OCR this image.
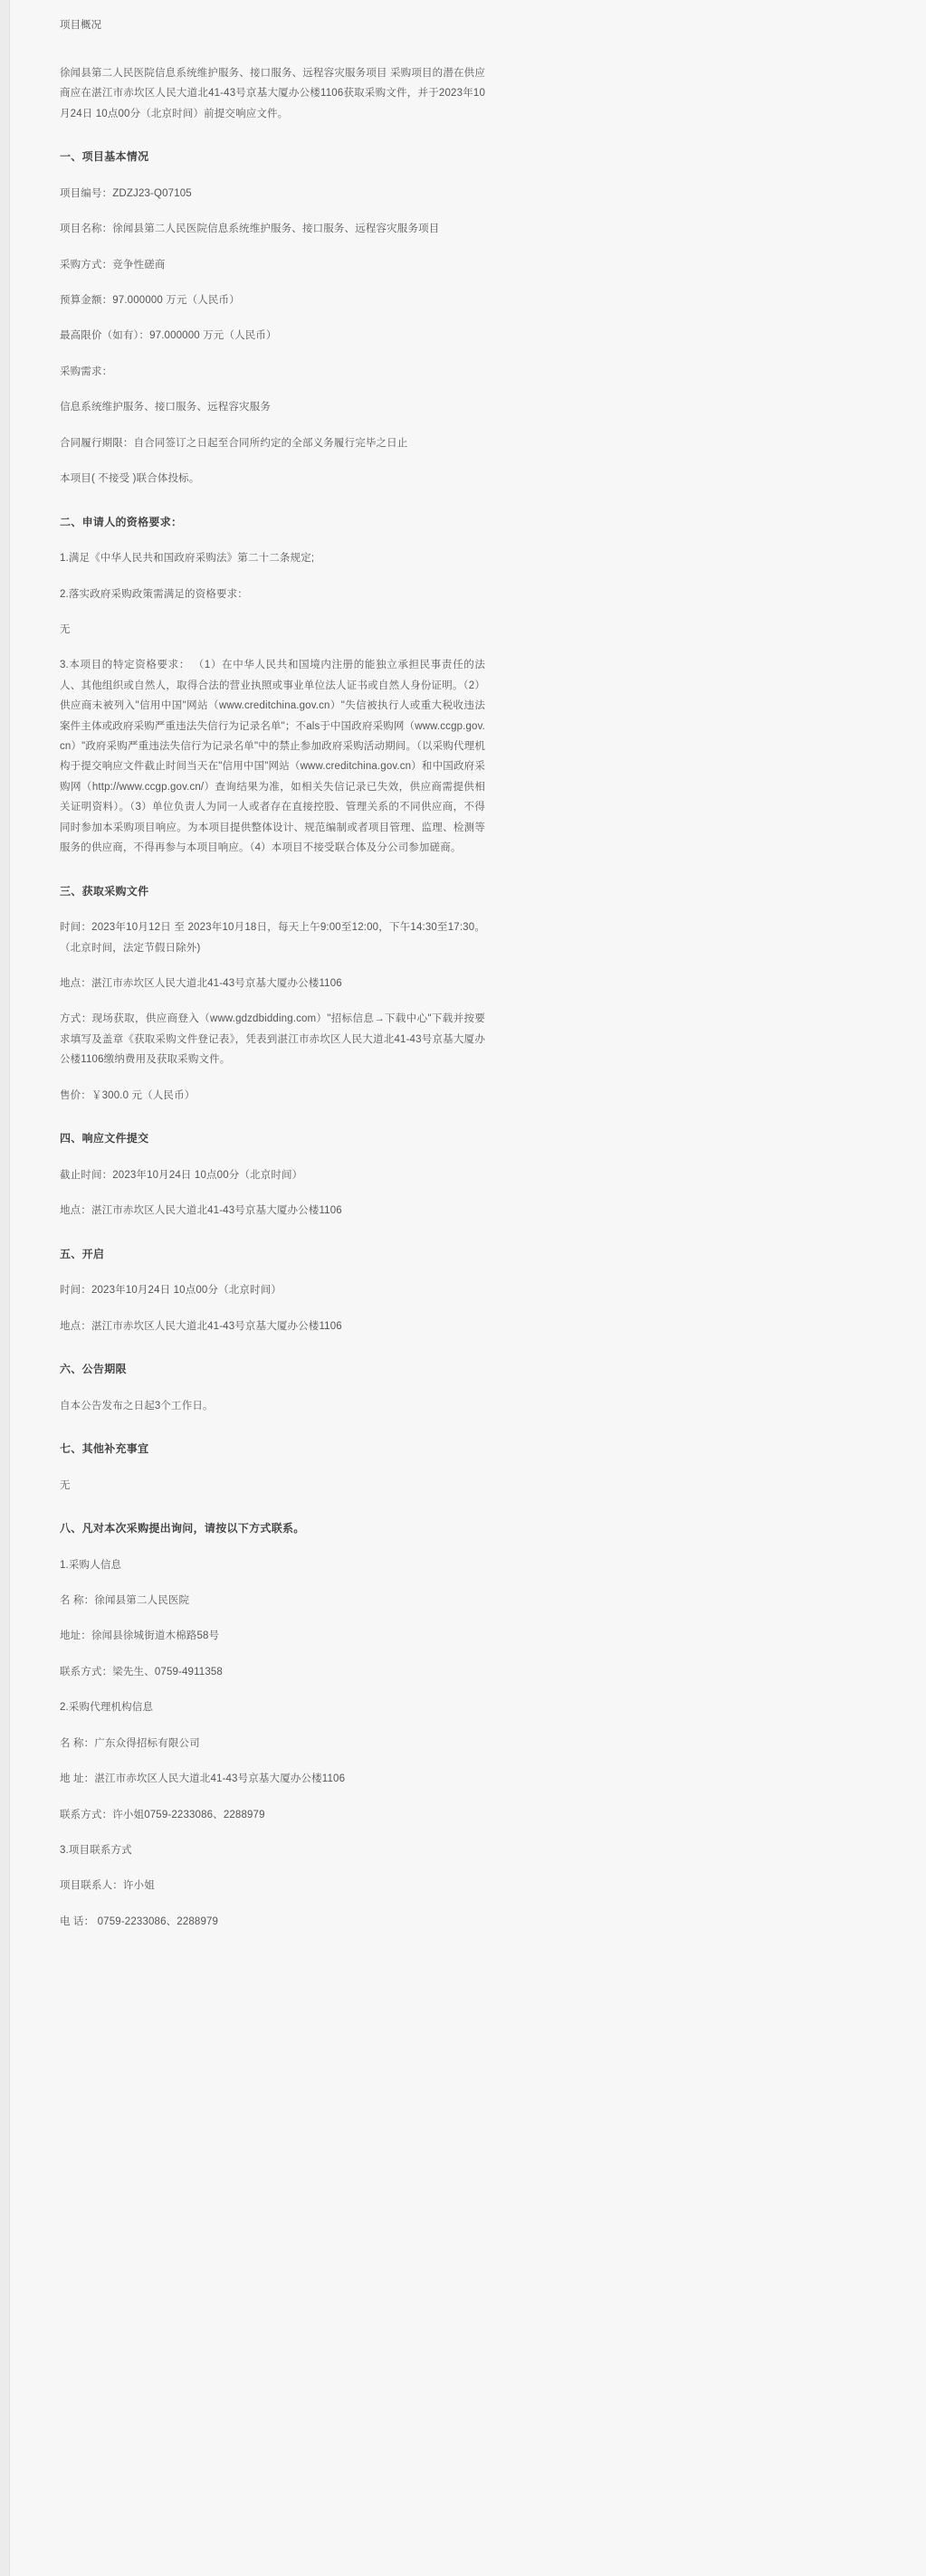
项目概况

徐闻县第二人民医院信息系统维护服务、接口服务、远程容灾服务项目 采购项目的潜在供应商应在湛江市赤坎区人民大道北41-43号京基大厦办公楼1106获取采购文件，并于2023年10月24日 10点00分（北京时间）前提交响应文件。

一、项目基本情况

项目编号：ZDZJ23-Q07105

项目名称：徐闻县第二人民医院信息系统维护服务、接口服务、远程容灾服务项目

采购方式：竞争性磋商

预算金额：97.000000 万元（人民币）

最高限价（如有）：97.000000 万元（人民币）

采购需求：

信息系统维护服务、接口服务、远程容灾服务

合同履行期限：自合同签订之日起至合同所约定的全部义务履行完毕之日止

本项目( 不接受 )联合体投标。

二、申请人的资格要求：

1.满足《中华人民共和国政府采购法》第二十二条规定;

2.落实政府采购政策需满足的资格要求：

无

3.本项目的特定资格要求： （1）在中华人民共和国境内注册的能独立承担民事责任的法人、其他组织或自然人，取得合法的营业执照或事业单位法人证书或自然人身份证明。（2）供应商未被列入"信用中国"网站（www.creditchina.gov.cn）"失信被执行人或重大税收违法案件主体或政府采购严重违法失信行为记录名单"；不als于中国政府采购网（www.ccgp.gov.cn）"政府采购严重违法失信行为记录名单"中的禁止参加政府采购活动期间。（以采购代理机构于提交响应文件截止时间当天在"信用中国"网站（www.creditchina.gov.cn）和中国政府采购网（http://www.ccgp.gov.cn/）查询结果为准，如相关失信记录已失效，供应商需提供相关证明资料）。（3）单位负责人为同一人或者存在直接控股、管理关系的不同供应商，不得同时参加本采购项目响应。为本项目提供整体设计、规范编制或者项目管理、监理、检测等服务的供应商，不得再参与本项目响应。（4）本项目不接受联合体及分公司参加磋商。

三、获取采购文件

时间：2023年10月12日 至 2023年10月18日，每天上午9:00至12:00，下午14:30至17:30。（北京时间，法定节假日除外)

地点：湛江市赤坎区人民大道北41-43号京基大厦办公楼1106

方式：现场获取，供应商登入（www.gdzdbidding.com）"招标信息→下载中心"下载并按要求填写及盖章《获取采购文件登记表》，凭表到湛江市赤坎区人民大道北41-43号京基大厦办公楼1106缴纳费用及获取采购文件。

售价：￥300.0 元（人民币）

四、响应文件提交

截止时间：2023年10月24日 10点00分（北京时间）

地点：湛江市赤坎区人民大道北41-43号京基大厦办公楼1106

五、开启

时间：2023年10月24日 10点00分（北京时间）

地点：湛江市赤坎区人民大道北41-43号京基大厦办公楼1106

六、公告期限

自本公告发布之日起3个工作日。

七、其他补充事宜

无

八、凡对本次采购提出询问，请按以下方式联系。

1.采购人信息

名 称：徐闻县第二人民医院

地址：徐闻县徐城街道木棉路58号

联系方式：梁先生、0759-4911358

2.采购代理机构信息

名 称：广东众得招标有限公司

地 址：湛江市赤坎区人民大道北41-43号京基大厦办公楼1106

联系方式：许小姐0759-2233086、2288979

3.项目联系方式

项目联系人：许小姐

电 话： 0759-2233086、2288979
